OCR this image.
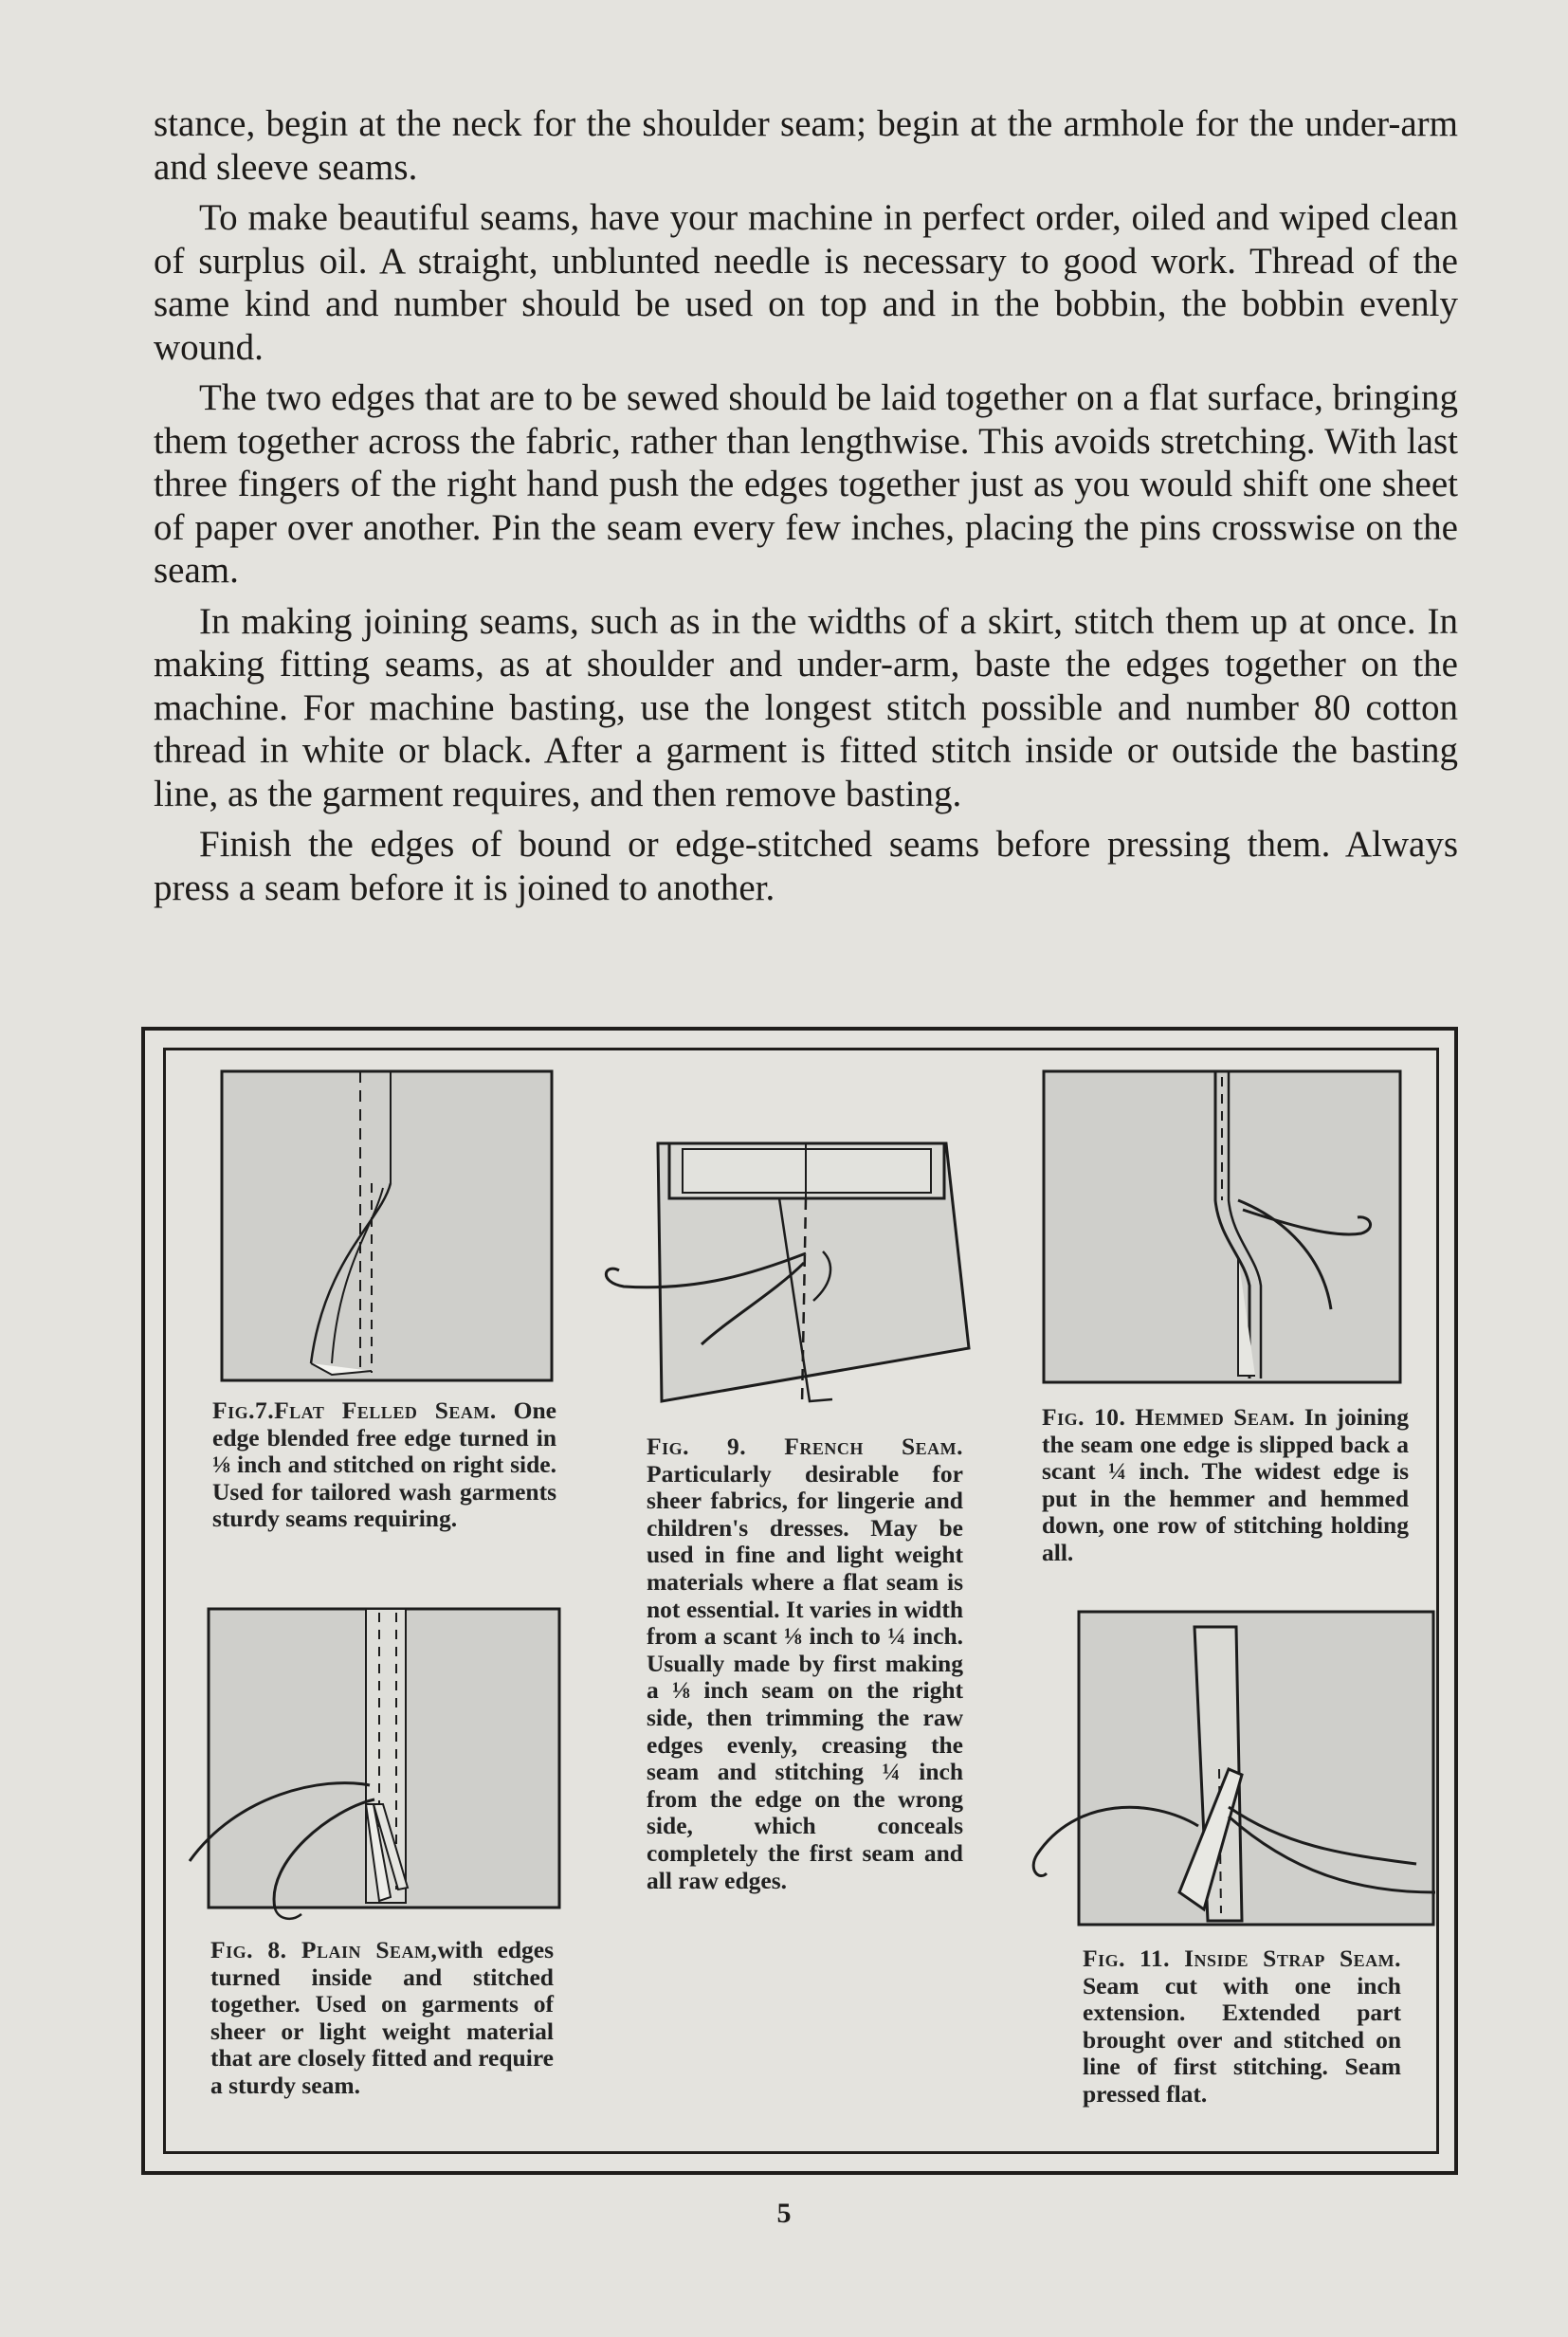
stance, begin at the neck for the shoulder seam; begin at the armhole for the under-arm and sleeve seams.

To make beautiful seams, have your machine in perfect order, oiled and wiped clean of surplus oil. A straight, unblunted needle is necessary to good work. Thread of the same kind and number should be used on top and in the bobbin, the bobbin evenly wound.

The two edges that are to be sewed should be laid together on a flat surface, bringing them together across the fabric, rather than lengthwise. This avoids stretching. With last three fingers of the right hand push the edges together just as you would shift one sheet of paper over another. Pin the seam every few inches, placing the pins crosswise on the seam.

In making joining seams, such as in the widths of a skirt, stitch them up at once. In making fitting seams, as at shoulder and under-arm, baste the edges together on the machine. For machine basting, use the longest stitch possible and number 80 cotton thread in white or black. After a garment is fitted stitch inside or outside the basting line, as the garment requires, and then remove basting.

Finish the edges of bound or edge-stitched seams before pressing them. Always press a seam before it is joined to another.

Fig.7.Flat Felled Seam. One edge blended free edge turned in ⅛ inch and stitched on right side. Used for tailored wash garments sturdy seams requiring.
Fig. 8. Plain Seam,with edges turned inside and stitched together. Used on garments of sheer or light weight material that are closely fitted and require a sturdy seam.
Fig. 9. French Seam. Particularly desirable for sheer fabrics, for lingerie and children's dresses. May be used in fine and light weight materials where a flat seam is not essential. It varies in width from a scant ⅛ inch to ¼ inch. Usually made by first making a ⅛ inch seam on the right side, then trimming the raw edges evenly, creasing the seam and stitching ¼ inch from the edge on the wrong side, which conceals completely the first seam and all raw edges.
Fig. 10. Hemmed Seam. In joining the seam one edge is slipped back a scant ¼ inch. The widest edge is put in the hemmer and hemmed down, one row of stitching holding all.
Fig. 11. Inside Strap Seam. Seam cut with one inch extension. Extended part brought over and stitched on line of first stitching. Seam pressed flat.
5
